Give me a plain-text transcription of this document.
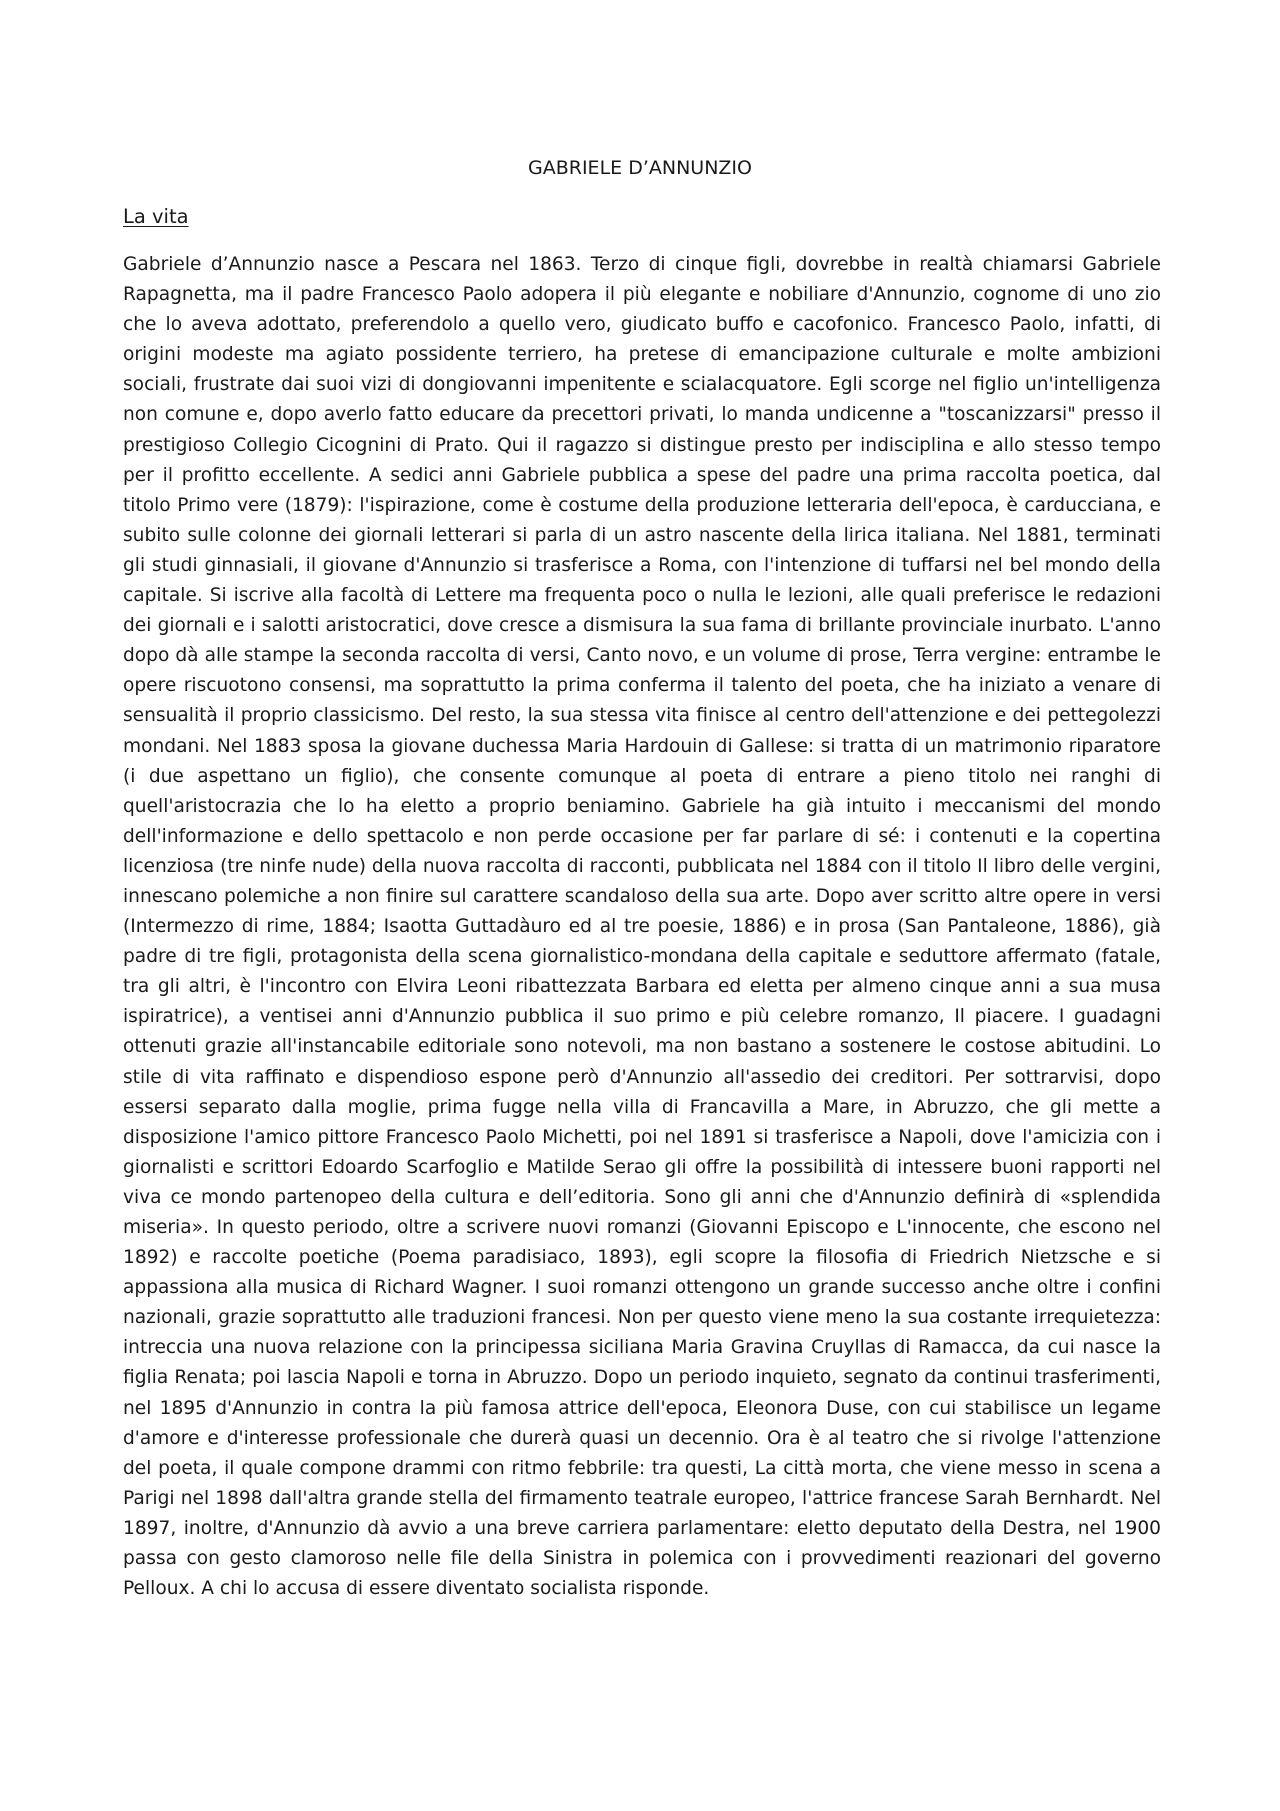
GABRIELE D’ANNUNZIO
La vita

Gabriele d’Annunzio nasce a Pescara nel 1863. Terzo di cinque figli, dovrebbe in realtà chiamarsi Gabriele Rapagnetta, ma il padre Francesco Paolo adopera il più elegante e nobiliare d'Annunzio, cognome di uno zio che lo aveva adottato, preferendolo a quello vero, giudicato buffo e cacofonico. Francesco Paolo, infatti, di origini modeste ma agiato possidente terriero, ha pretese di emancipazione culturale e molte ambizioni sociali, frustrate dai suoi vizi di dongiovanni impenitente e scialacquatore. Egli scorge nel figlio un'intelligenza non comune e, dopo averlo fatto educare da precettori privati, lo manda undicenne a "toscanizzarsi" presso il prestigioso Collegio Cicognini di Prato. Qui il ragazzo si distingue presto per indisciplina e allo stesso tempo per il profitto eccellente. A sedici anni Gabriele pubblica a spese del padre una prima raccolta poetica, dal titolo Primo vere (1879): l'ispirazione, come è costume della produzione letteraria dell'epoca, è carducciana, e subito sulle colonne dei giornali letterari si parla di un astro nascente della lirica italiana. Nel 1881, terminati gli studi ginnasiali, il giovane d'Annunzio si trasferisce a Roma, con l'intenzione di tuffarsi nel bel mondo della capitale. Si iscrive alla facoltà di Lettere ma frequenta poco o nulla le lezioni, alle quali preferisce le redazioni dei giornali e i salotti aristocratici, dove cresce a dismisura la sua fama di brillante provinciale inurbato. L'anno dopo dà alle stampe la seconda raccolta di versi, Canto novo, e un volume di prose, Terra vergine: entrambe le opere riscuotono consensi, ma soprattutto la prima conferma il talento del poeta, che ha iniziato a venare di sensualità il proprio classicismo. Del resto, la sua stessa vita finisce al centro dell'attenzione e dei pettegolezzi mondani. Nel 1883 sposa la giovane duchessa Maria Hardouin di Gallese: si tratta di un matrimonio riparatore (i due aspettano un figlio), che consente comunque al poeta di entrare a pieno titolo nei ranghi di quell'aristocrazia che lo ha eletto a proprio beniamino. Gabriele ha già intuito i meccanismi del mondo dell'informazione e dello spettacolo e non perde occasione per far parlare di sé: i contenuti e la copertina licenziosa (tre ninfe nude) della nuova raccolta di racconti, pubblicata nel 1884 con il titolo Il libro delle vergini, innescano polemiche a non finire sul carattere scandaloso della sua arte. Dopo aver scritto altre opere in versi (Intermezzo di rime, 1884; Isaotta Guttadàuro ed al tre poesie, 1886) e in prosa (San Pantaleone, 1886), già padre di tre figli, protagonista della scena giornalistico-mondana della capitale e seduttore affermato (fatale, tra gli altri, è l'incontro con Elvira Leoni ribattezzata Barbara ed eletta per almeno cinque anni a sua musa ispiratrice), a ventisei anni d'Annunzio pubblica il suo primo e più celebre romanzo, Il piacere. I guadagni ottenuti grazie all'instancabile editoriale sono notevoli, ma non bastano a sostenere le costose abitudini. Lo stile di vita raffinato e dispendioso espone però d'Annunzio all'assedio dei creditori. Per sottrarvisi, dopo essersi separato dalla moglie, prima fugge nella villa di Francavilla a Mare, in Abruzzo, che gli mette a disposizione l'amico pittore Francesco Paolo Michetti, poi nel 1891 si trasferisce a Napoli, dove l'amicizia con i giornalisti e scrittori Edoardo Scarfoglio e Matilde Serao gli offre la possibilità di intessere buoni rapporti nel viva ce mondo partenopeo della cultura e dell’editoria. Sono gli anni che d'Annunzio definirà di «splendida miseria». In questo periodo, oltre a scrivere nuovi romanzi (Giovanni Episcopo e L'innocente, che escono nel 1892) e raccolte poetiche (Poema paradisiaco, 1893), egli scopre la filosofia di Friedrich Nietzsche e si appassiona alla musica di Richard Wagner. I suoi romanzi ottengono un grande successo anche oltre i confini nazionali, grazie soprattutto alle traduzioni francesi. Non per questo viene meno la sua costante irrequietezza: intreccia una nuova relazione con la principessa siciliana Maria Gravina Cruyllas di Ramacca, da cui nasce la figlia Renata; poi lascia Napoli e torna in Abruzzo. Dopo un periodo inquieto, segnato da continui trasferimenti, nel 1895 d'Annunzio in contra la più famosa attrice dell'epoca, Eleonora Duse, con cui stabilisce un legame d'amore e d'interesse professionale che durerà quasi un decennio. Ora è al teatro che si rivolge l'attenzione del poeta, il quale compone drammi con ritmo febbrile: tra questi, La città morta, che viene messo in scena a Parigi nel 1898 dall'altra grande stella del firmamento teatrale europeo, l'attrice francese Sarah Bernhardt. Nel 1897, inoltre, d'Annunzio dà avvio a una breve carriera parlamentare: eletto deputato della Destra, nel 1900 passa con gesto clamoroso nelle file della Sinistra in polemica con i provvedimenti reazionari del governo Pelloux. A chi lo accusa di essere diventato socialista risponde.
